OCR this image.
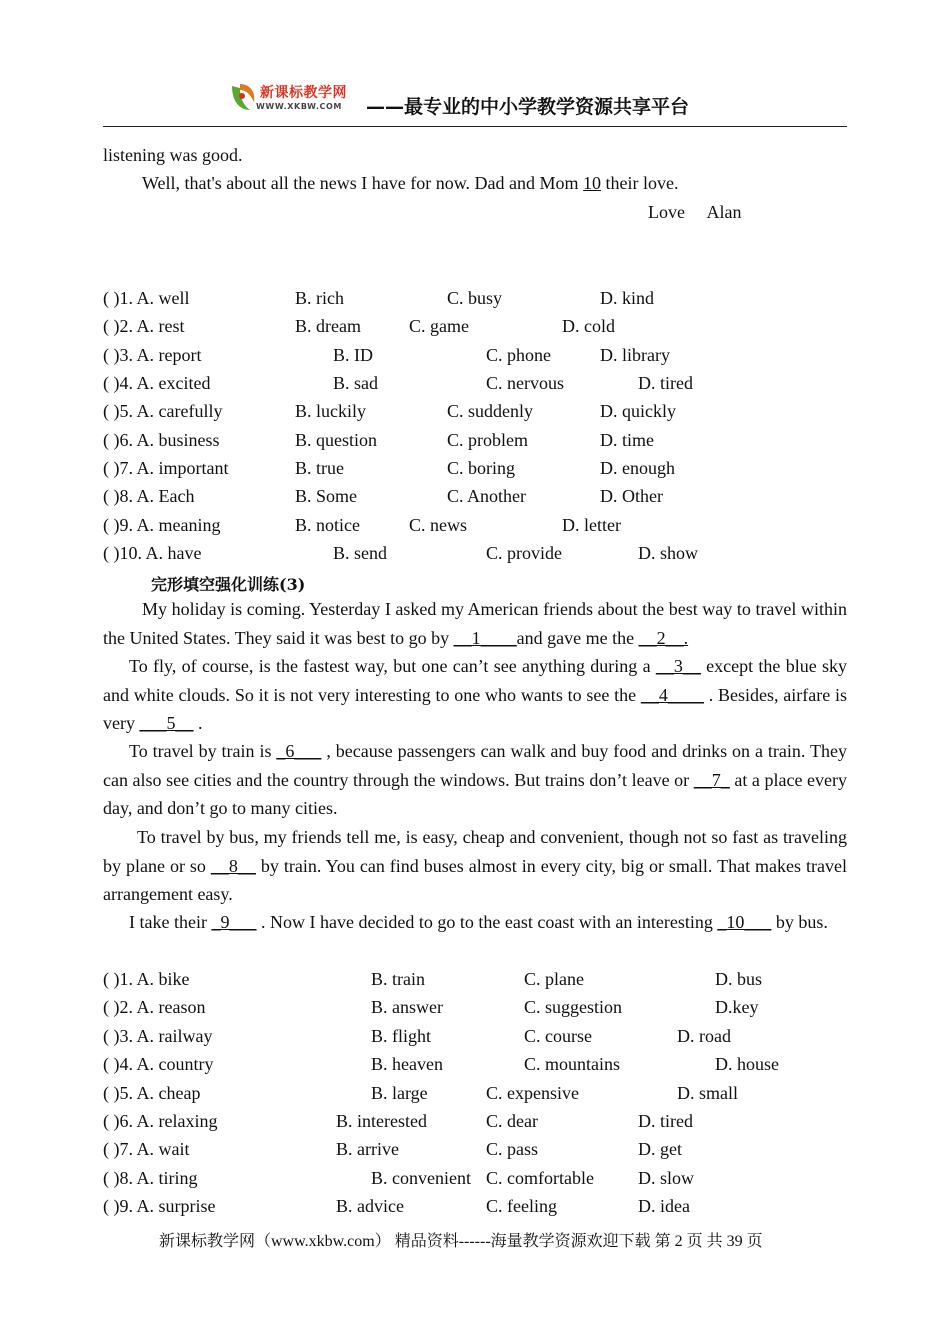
新课标教学网
WWW.XKBW.COM ——最专业的中小学教学资源共享平台
listening was good.
Well, that's about all the news I have for now. Dad and Mom 10 their love.
Love     Alan
( )1. A. well	B. rich	C. busy	D. kind
( )2. A. rest	B. dream	C. game	D. cold
( )3. A. report	B. ID	C. phone	D. library
( )4. A. excited	B. sad	C. nervous	D. tired
( )5. A. carefully	B. luckily	C. suddenly	D. quickly
( )6. A. business	B. question	C. problem	D. time
( )7. A. important	B. true	C. boring	D. enough
( )8. A. Each	B. Some	C. Another	D. Other
( )9. A. meaning	B. notice	C. news	D. letter
( )10. A. have	B. send	C. provide	D. show
完形填空强化训练(3)
My holiday is coming. Yesterday I asked my American friends about the best way to travel within the United States. They said it was best to go by __1____and gave me the __2__.
To fly, of course, is the fastest way, but one can’t see anything during a __3__ except the blue sky and white clouds. So it is not very interesting to one who wants to see the __4____ . Besides, airfare is very ___5__ .
To travel by train is _6___ , because passengers can walk and buy food and drinks on a train. They can also see cities and the country through the windows. But trains don’t leave or __7_ at a place every day, and don’t go to many cities.
To travel by bus, my friends tell me, is easy, cheap and convenient, though not so fast as traveling by plane or so __8__ by train. You can find buses almost in every city, big or small. That makes travel arrangement easy.
I take their _9___ . Now I have decided to go to the east coast with an interesting _10___ by bus.
( )1. A. bike	B. train	C. plane	D. bus
( )2. A. reason	B. answer	C. suggestion	D.key
( )3. A. railway	B. flight	C. course	D. road
( )4. A. country	B. heaven	C. mountains	D. house
( )5. A. cheap	B. large	C. expensive	D. small
( )6. A. relaxing	B. interested	C. dear	D. tired
( )7. A. wait	B. arrive	C. pass	D. get
( )8. A. tiring	B. convenient C. comfortable D. slow
( )9. A. surprise	B. advice	C. feeling	D. idea
新课标教学网（www.xkbw.com） 精品资料------海量教学资源欢迎下载 第 2 页 共 39 页
